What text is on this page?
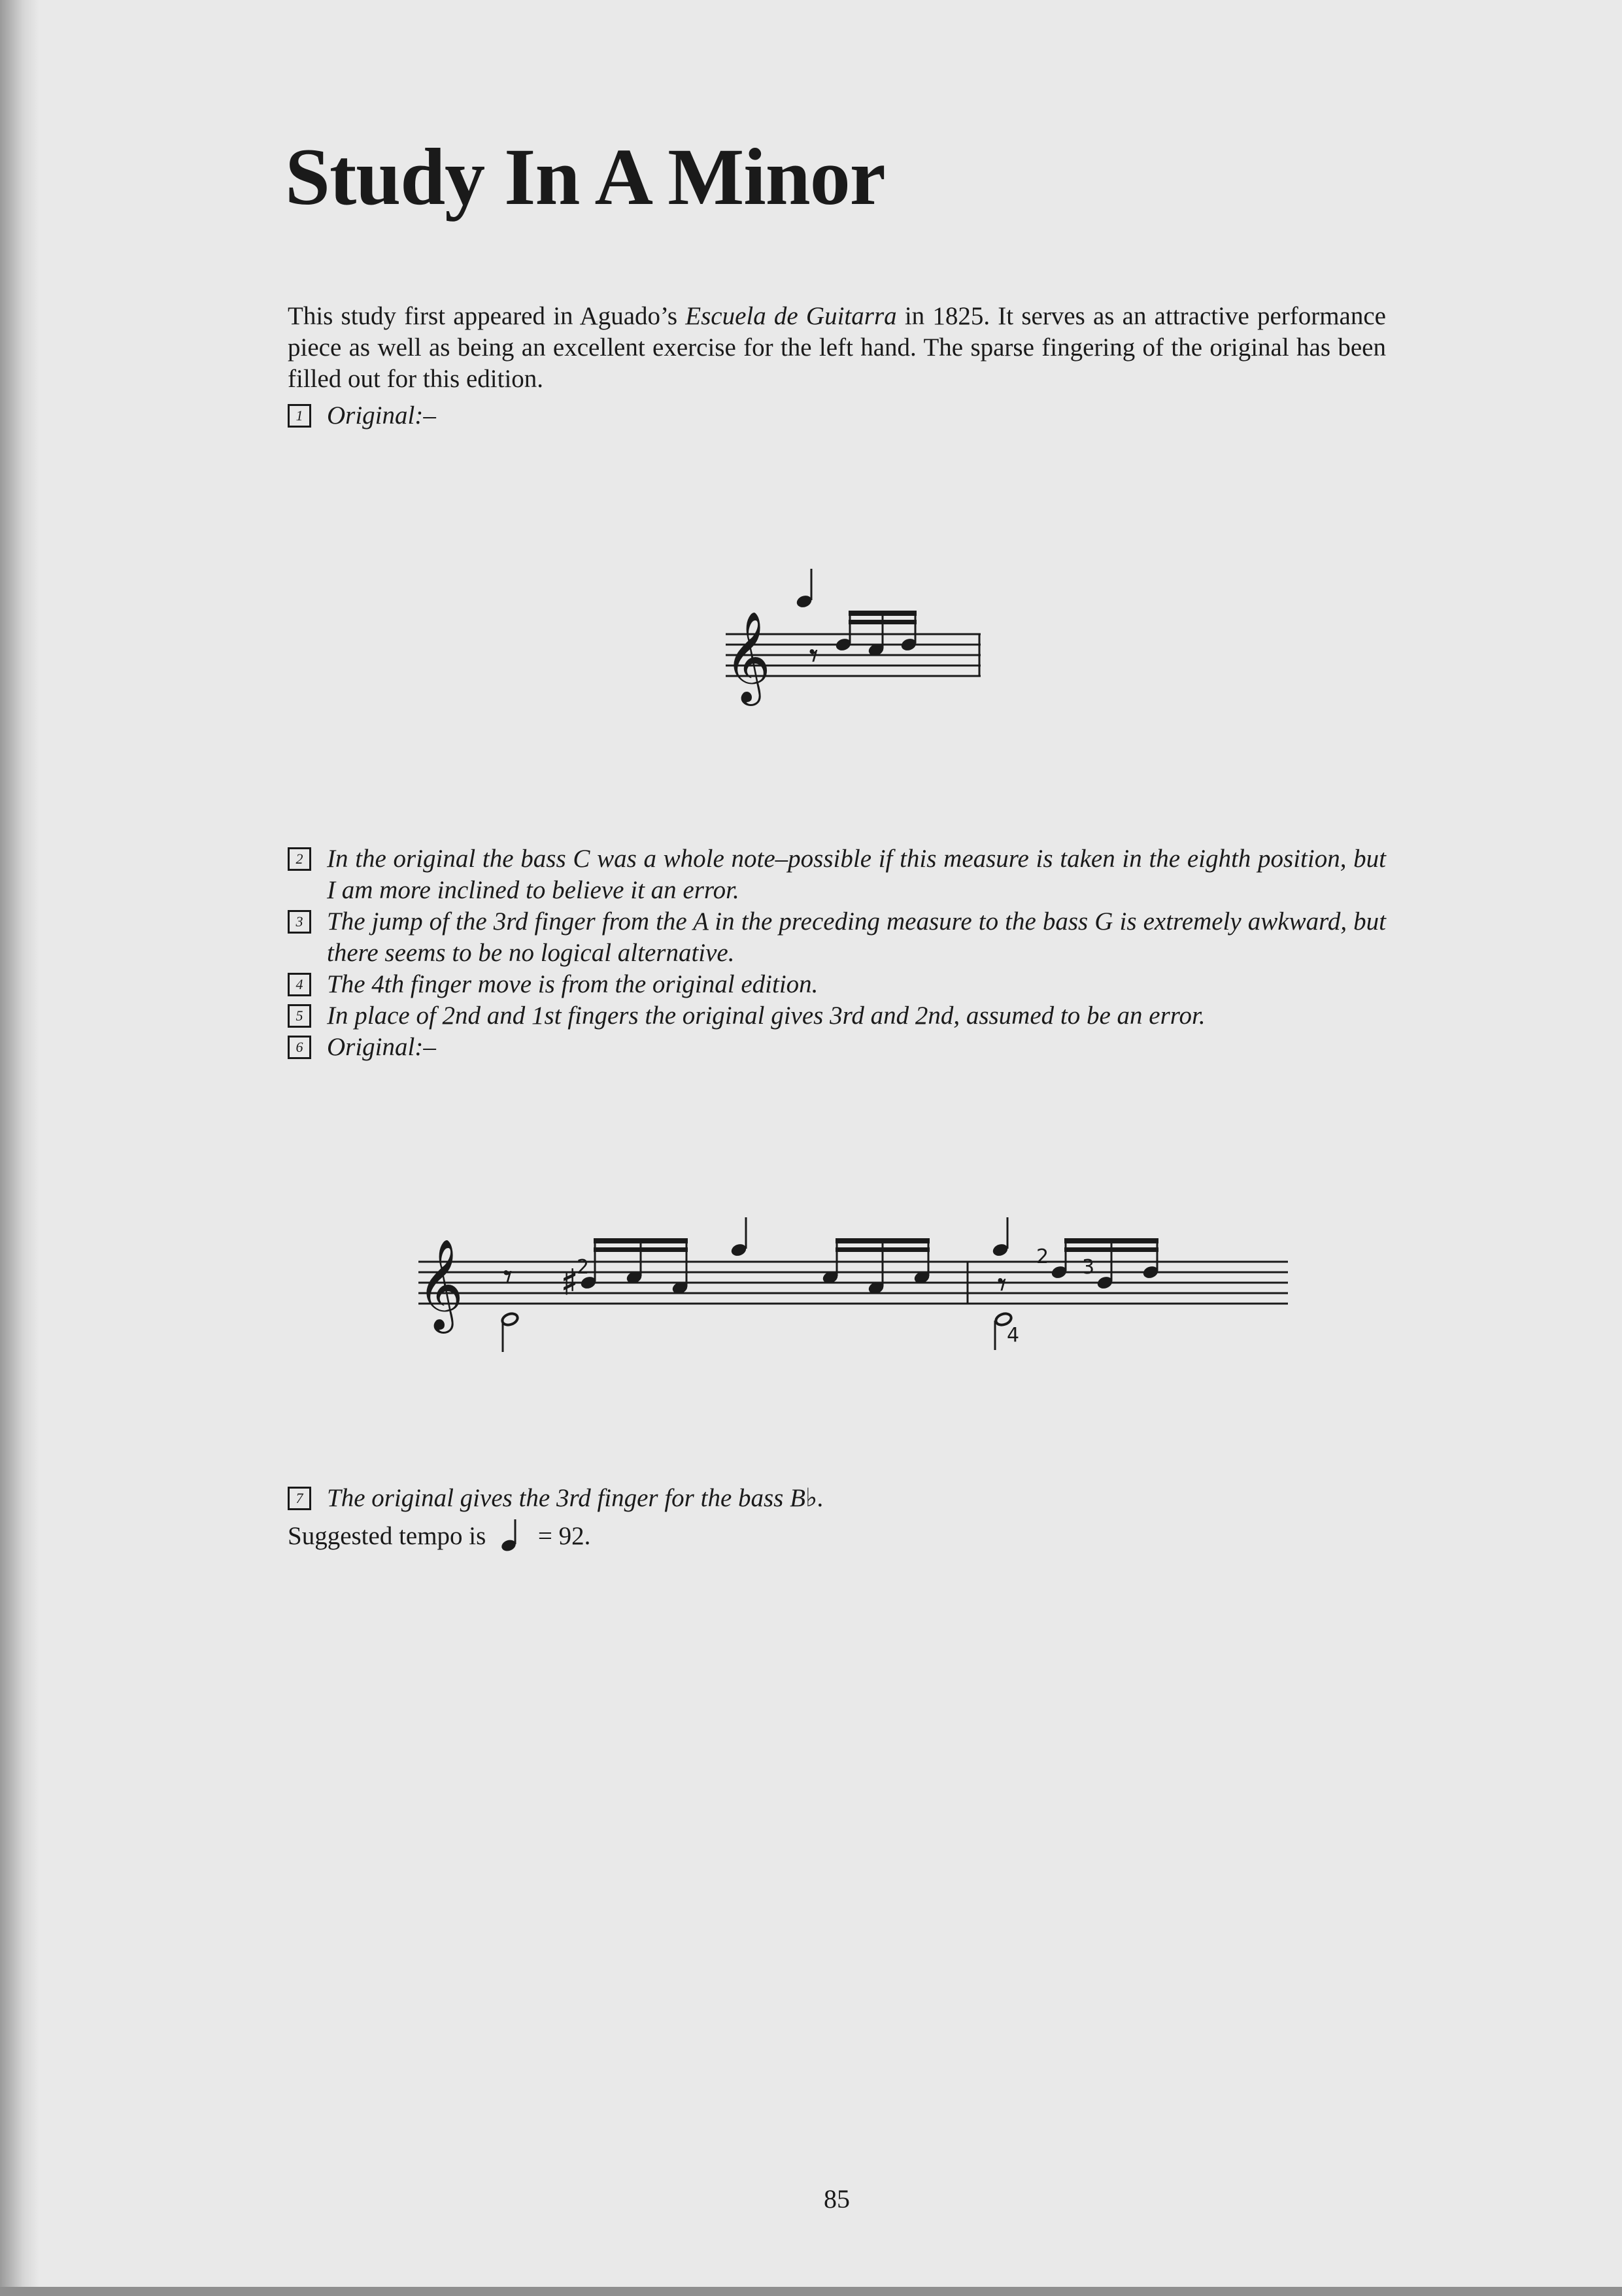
Study In A Minor

This study first appeared in Aguado’s Escuela de Guitarra in 1825. It serves as an attractive performance piece as well as being an excellent exercise for the left hand. The sparse fingering of the original has been filled out for this edition.

1 Original:–
𝄞 𝄾
2 In the original the bass C was a whole note–possible if this measure is taken in the eighth position, but I am more inclined to believe it an error.
3 The jump of the 3rd finger from the A in the preceding measure to the bass G is extremely awkward, but there seems to be no logical alternative.
4 The 4th finger move is from the original edition.
5 In place of 2nd and 1st fingers the original gives 3rd and 2nd, assumed to be an error.
6 Original:–
𝄞 𝄾 ♯	𝄾
2	2 3
4
7 The original gives the 3rd finger for the bass B♭.
Suggested tempo is = 92.
85
